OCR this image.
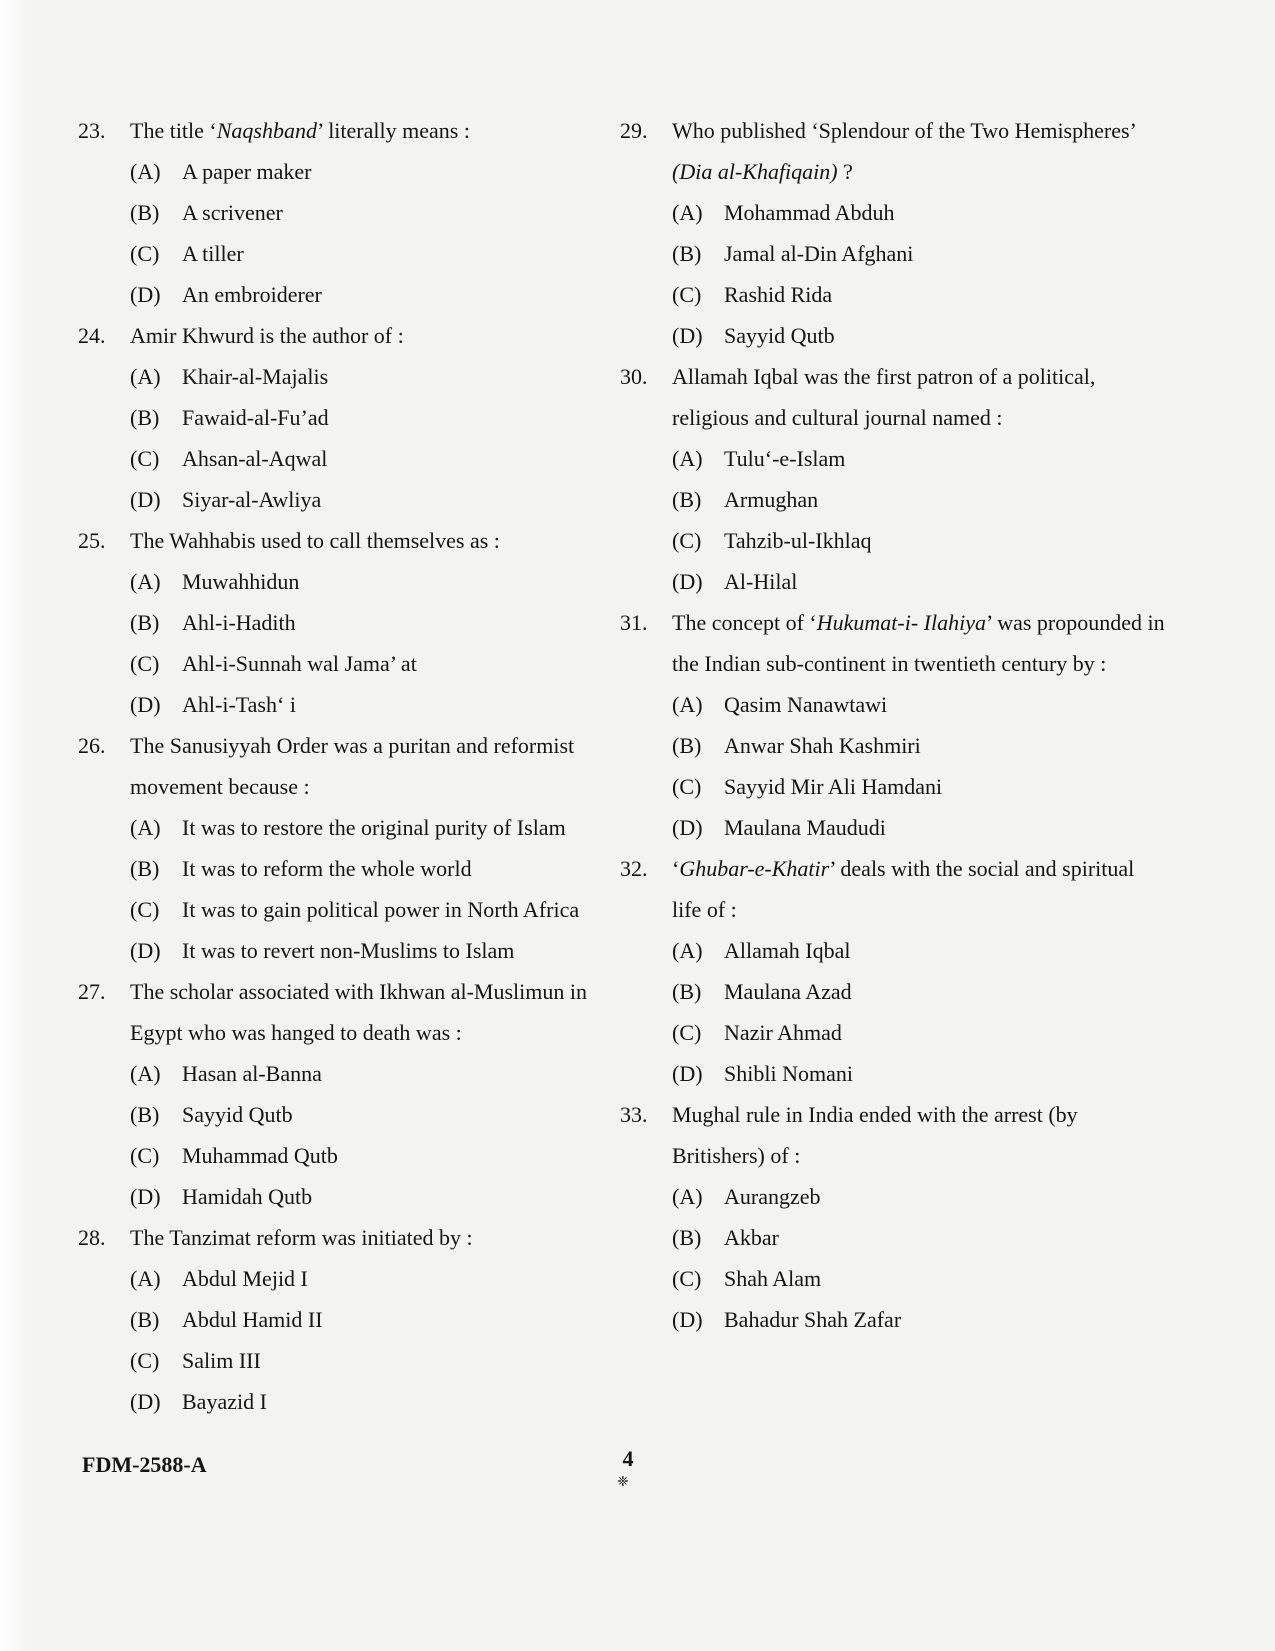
23.	The title ‘Naqshband’ literally means :
(A) A paper maker
(B)	A scrivener
(C)	A tiller
(D) An embroiderer
24.	Amir Khwurd is the author of :
(A) Khair-al-Majalis
(B)	Fawaid-al-Fu’ad
(C)	Ahsan-al-Aqwal
(D) Siyar-al-Awliya
25.	The Wahhabis used to call themselves as :
(A) Muwahhidun
(B)	Ahl-i-Hadith
(C)	Ahl-i-Sunnah wal Jama’ at
(D) Ahl-i-Tash‘ i
26.	The Sanusiyyah Order was a puritan and reformist movement because :
(A) It was to restore the original purity of Islam
(B)	It was to reform the whole world
(C)	It was to gain political power in North Africa
(D) It was to revert non-Muslims to Islam
27.	The scholar associated with Ikhwan al-Muslimun in Egypt who was hanged to death was :
(A) Hasan al-Banna
(B)	Sayyid Qutb
(C)	Muhammad Qutb
(D) Hamidah Qutb
28.	The Tanzimat reform was initiated by :
(A) Abdul Mejid I
(B)	Abdul Hamid II
(C)	Salim III
(D) Bayazid I
29.	Who published ‘Splendour of the Two Hemispheres’
(Dia al-Khafiqain) ?
(A) Mohammad Abduh
(B)	Jamal al-Din Afghani
(C)	Rashid Rida
(D) Sayyid Qutb
30.	Allamah Iqbal was the first patron of a political, religious and cultural journal named :
(A) Tulu‘-e-Islam
(B)	Armughan
(C)	Tahzib-ul-Ikhlaq
(D) Al-Hilal
31.	The concept of ‘Hukumat-i- Ilahiya’ was propounded in the Indian sub-continent in twentieth century by :
(A) Qasim Nanawtawi
(B)	Anwar Shah Kashmiri
(C)	Sayyid Mir Ali Hamdani
(D) Maulana Maududi
32.	‘Ghubar-e-Khatir’ deals with the social and spiritual life of :
(A) Allamah Iqbal
(B)	Maulana Azad
(C)	Nazir Ahmad
(D) Shibli Nomani
33.	Mughal rule in India ended with the arrest (by Britishers) of :
(A) Aurangzeb
(B)	Akbar
(C)	Shah Alam
(D) Bahadur Shah Zafar
FDM-2588-A	4
❈
